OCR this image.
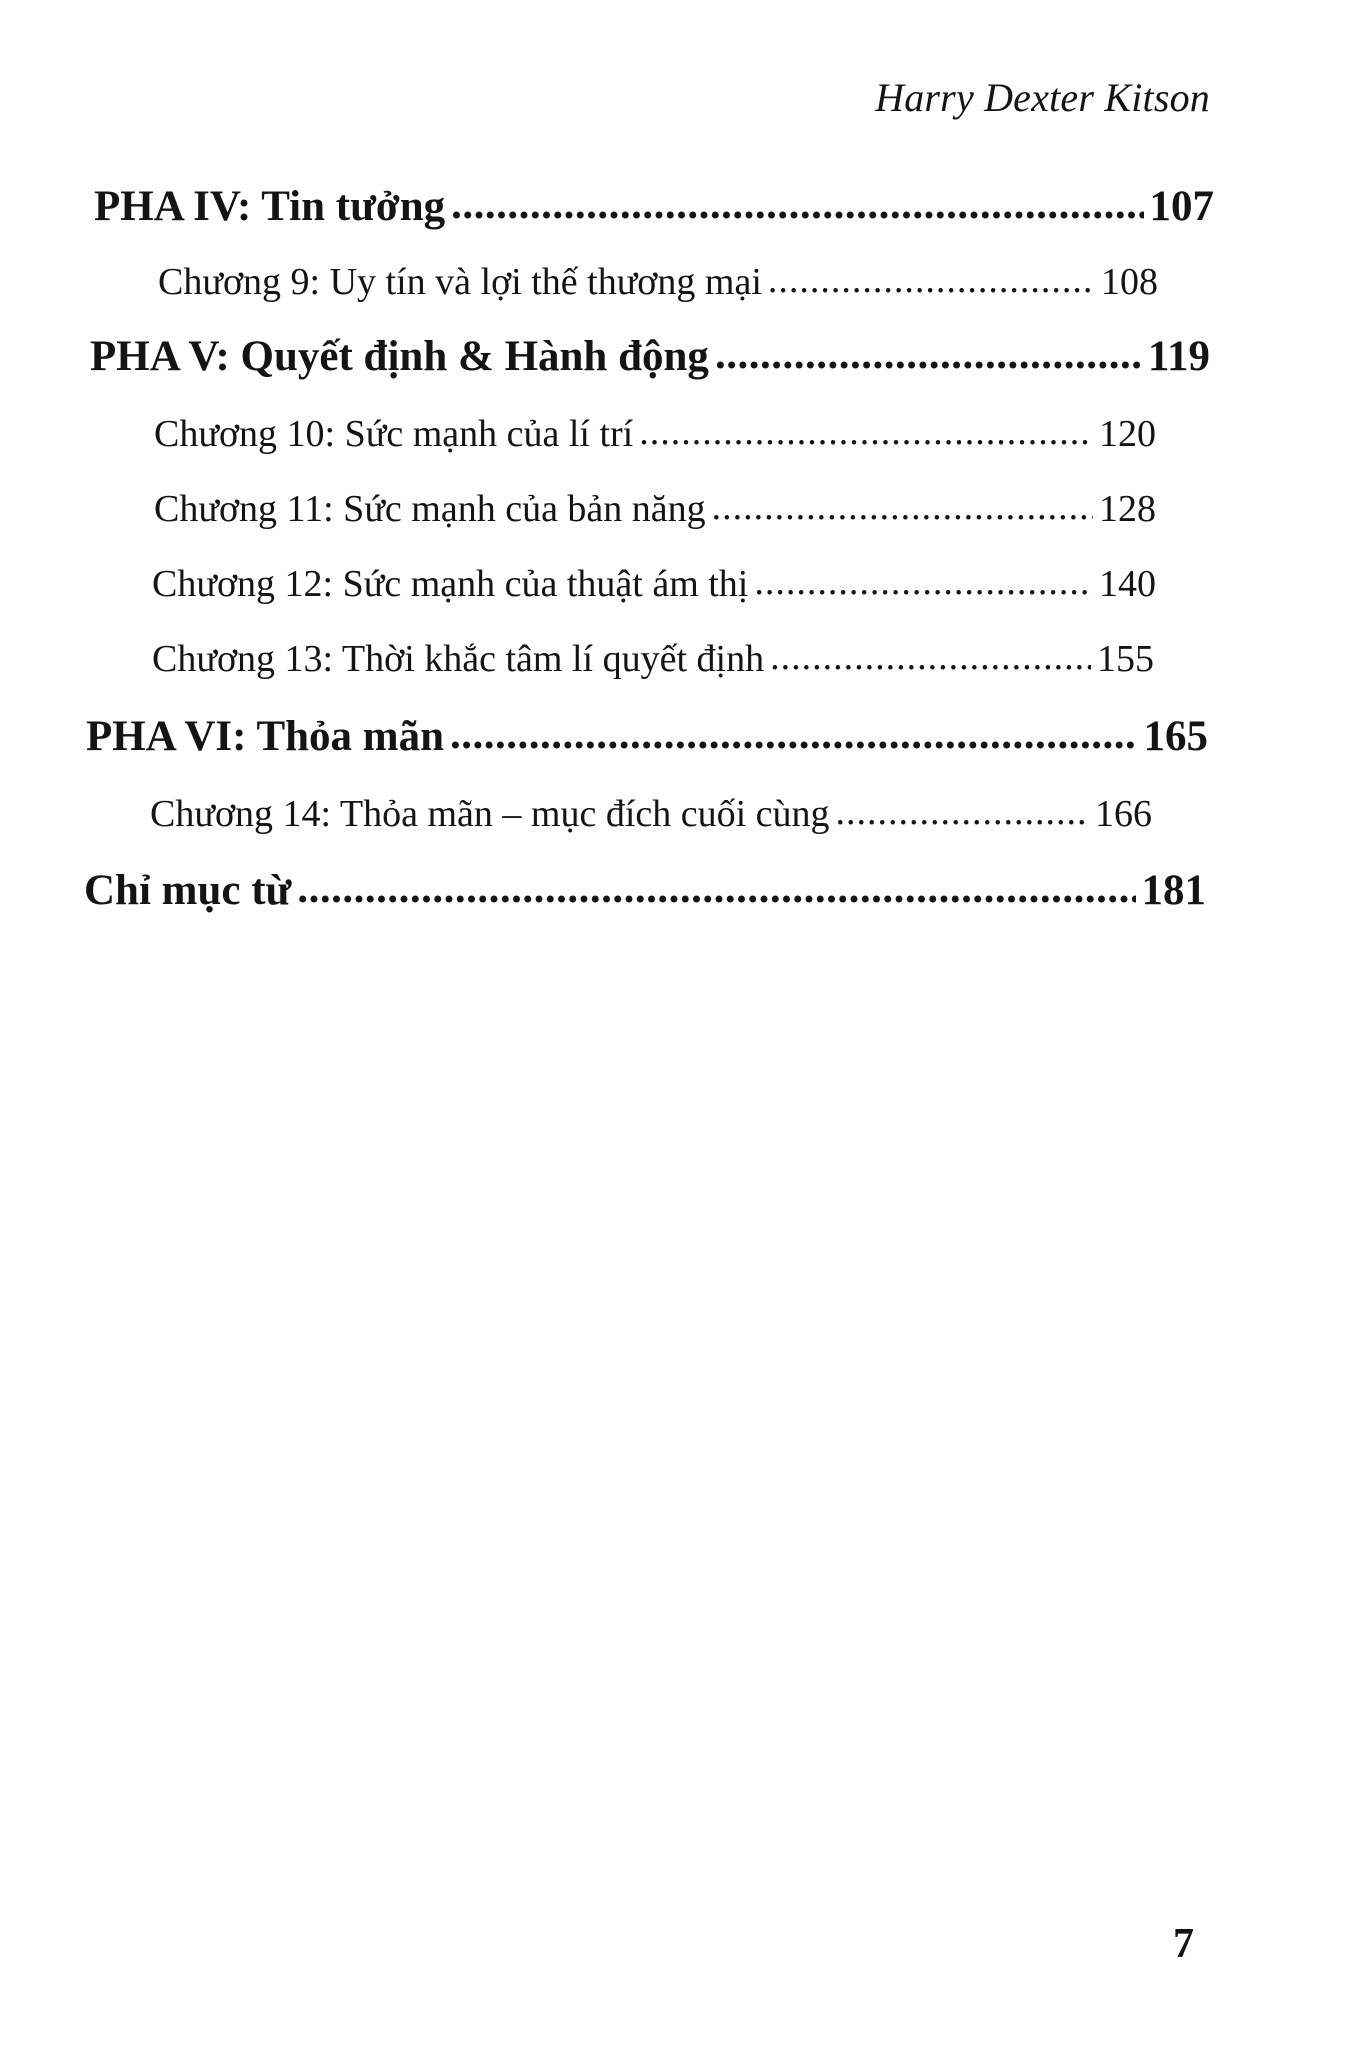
Harry Dexter Kitson
PHA IV: Tin tưởng .....	107
Chương 9: Uy tín và lợi thế thương mại .....	108
PHA V: Quyết định & Hành động .....	119
Chương 10: Sức mạnh của lí trí .....	120
Chương 11: Sức mạnh của bản năng .....	128
Chương 12: Sức mạnh của thuật ám thị .....	140
Chương 13: Thời khắc tâm lí quyết định .....	155
PHA VI: Thỏa mãn .....	165
Chương 14: Thỏa mãn – mục đích cuối cùng .....	166
Chỉ mục từ .....	181
7
